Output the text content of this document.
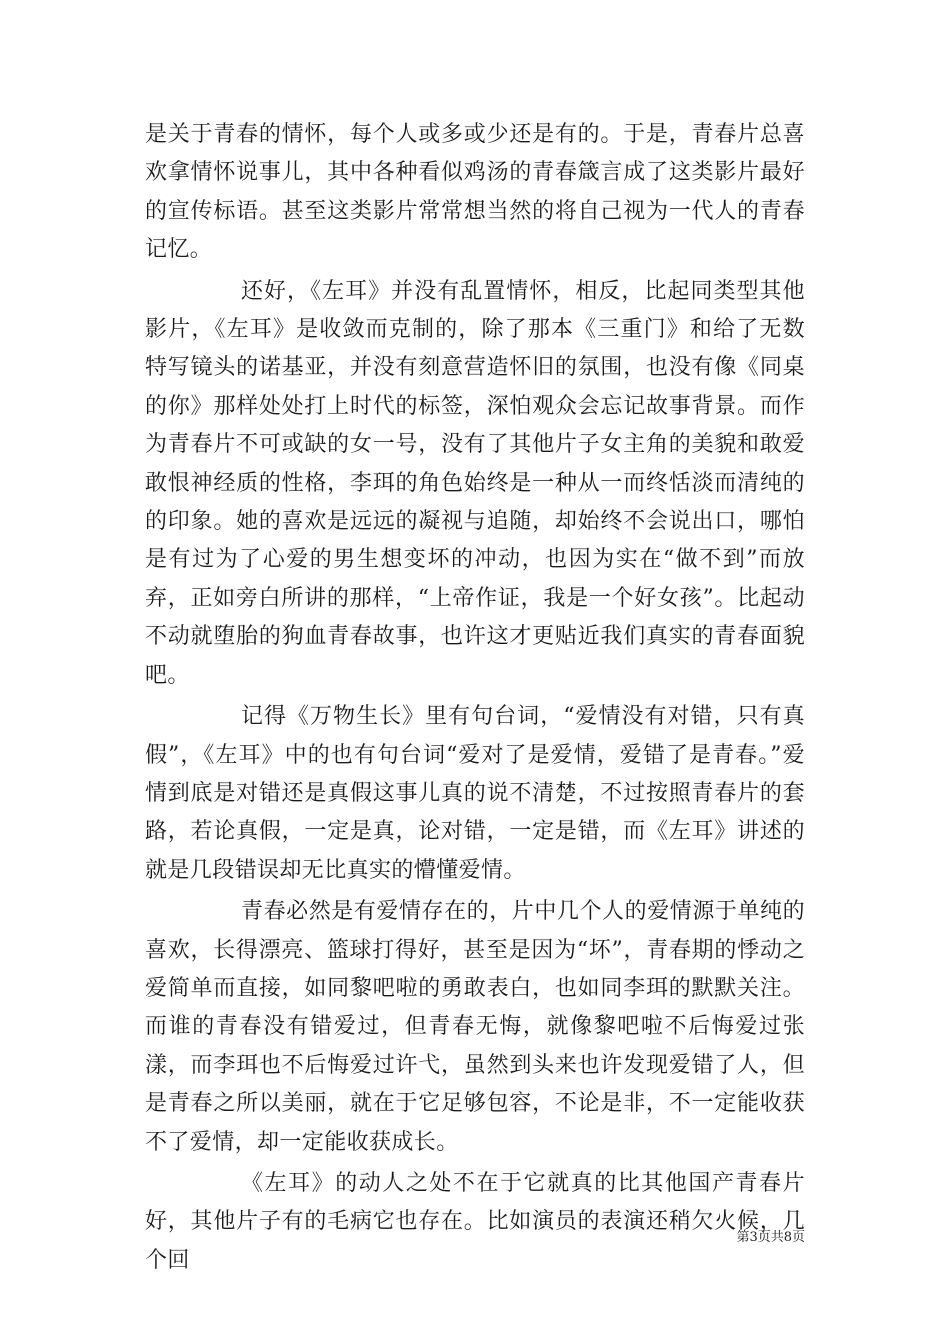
是关于青春的情怀，每个人或多或少还是有的。于是，青春片总喜欢拿情怀说事儿，其中各种看似鸡汤的青春箴言成了这类影片最好的宣传标语。甚至这类影片常常想当然的将自己视为一代人的青春记忆。

还好，《左耳》并没有乱置情怀，相反，比起同类型其他影片，《左耳》是收敛而克制的，除了那本《三重门》和给了无数特写镜头的诺基亚，并没有刻意营造怀旧的氛围，也没有像《同桌的你》那样处处打上时代的标签，深怕观众会忘记故事背景。而作为青春片不可或缺的女一号，没有了其他片子女主角的美貌和敢爱敢恨神经质的性格，李珥的角色始终是一种从一而终恬淡而清纯的的印象。她的喜欢是远远的凝视与追随，却始终不会说出口，哪怕是有过为了心爱的男生想变坏的冲动，也因为实在“做不到”而放弃，正如旁白所讲的那样，“上帝作证，我是一个好女孩”。比起动不动就堕胎的狗血青春故事，也许这才更贴近我们真实的青春面貌吧。

记得《万物生长》里有句台词，“爱情没有对错，只有真假”，《左耳》中的也有句台词“爱对了是爱情，爱错了是青春。”爱情到底是对错还是真假这事儿真的说不清楚，不过按照青春片的套路，若论真假，一定是真，论对错，一定是错，而《左耳》讲述的就是几段错误却无比真实的懵懂爱情。

青春必然是有爱情存在的，片中几个人的爱情源于单纯的喜欢，长得漂亮、篮球打得好，甚至是因为“坏”，青春期的悸动之爱简单而直接，如同黎吧啦的勇敢表白，也如同李珥的默默关注。而谁的青春没有错爱过，但青春无悔，就像黎吧啦不后悔爱过张漾，而李珥也不后悔爱过许弋，虽然到头来也许发现爱错了人，但是青春之所以美丽，就在于它足够包容，不论是非，不一定能收获不了爱情，却一定能收获成长。

《左耳》的动人之处不在于它就真的比其他国产青春片好，其他片子有的毛病它也存在。比如演员的表演还稍欠火候，几个回

第3页共8页
